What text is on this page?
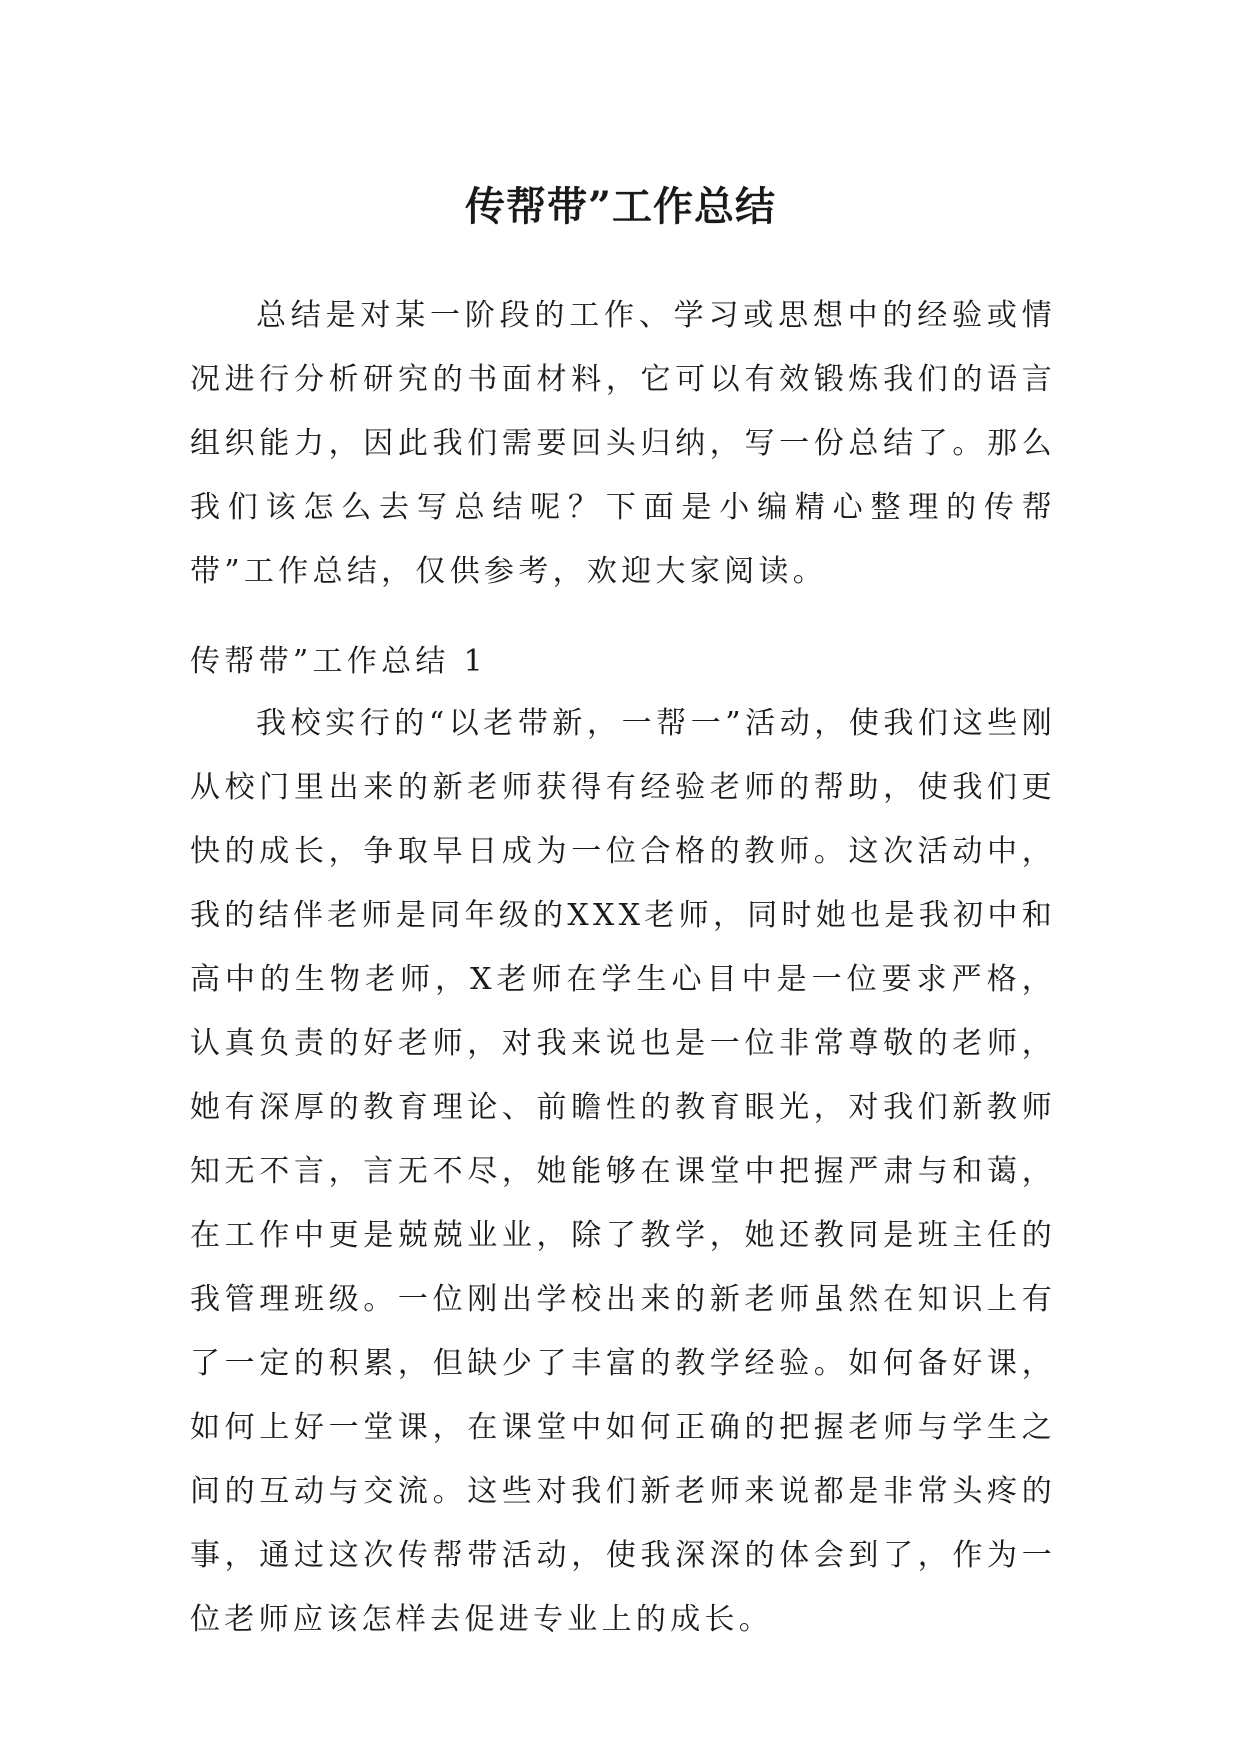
传帮带”工作总结

总结是对某一阶段的工作、学习或思想中的经验或情况进行分析研究的书面材料，它可以有效锻炼我们的语言组织能力，因此我们需要回头归纳，写一份总结了。那么我们该怎么去写总结呢？下面是小编精心整理的传帮带”工作总结，仅供参考，欢迎大家阅读。

传帮带”工作总结 1

我校实行的“以老带新，一帮一”活动，使我们这些刚从校门里出来的新老师获得有经验老师的帮助，使我们更快的成长，争取早日成为一位合格的教师。这次活动中，我的结伴老师是同年级的XXX老师，同时她也是我初中和高中的生物老师，X老师在学生心目中是一位要求严格，认真负责的好老师，对我来说也是一位非常尊敬的老师，她有深厚的教育理论、前瞻性的教育眼光，对我们新教师知无不言，言无不尽，她能够在课堂中把握严肃与和蔼，在工作中更是兢兢业业，除了教学，她还教同是班主任的我管理班级。一位刚出学校出来的新老师虽然在知识上有了一定的积累，但缺少了丰富的教学经验。如何备好课，如何上好一堂课，在课堂中如何正确的把握老师与学生之间的互动与交流。这些对我们新老师来说都是非常头疼的事，通过这次传帮带活动，使我深深的体会到了，作为一位老师应该怎样去促进专业上的成长。
